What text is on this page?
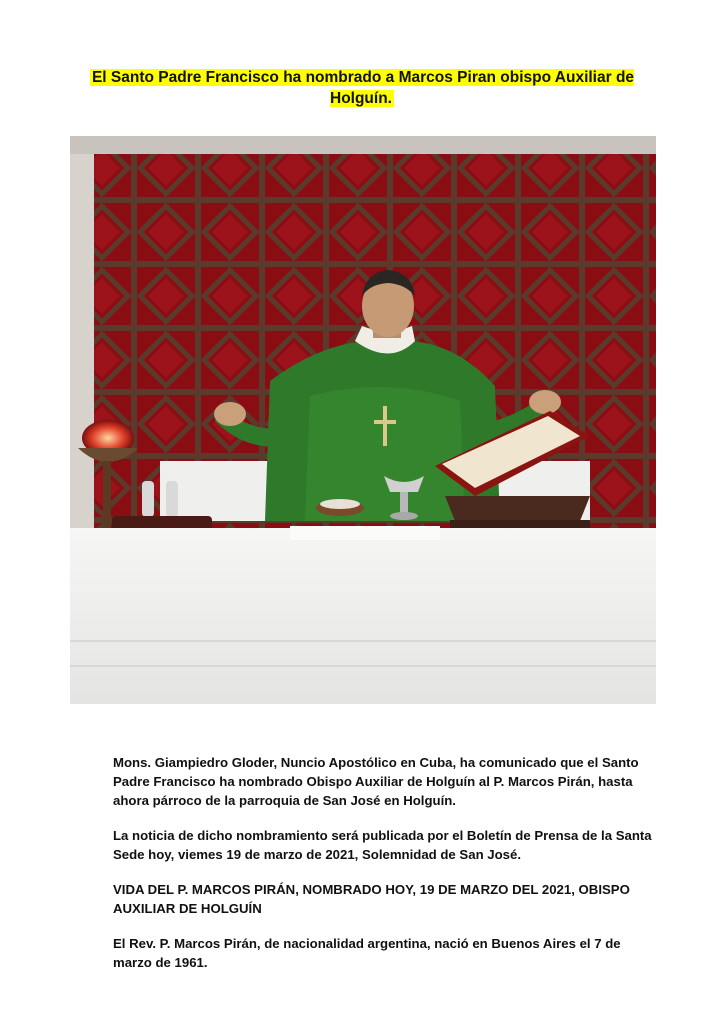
El Santo Padre Francisco ha nombrado a Marcos Piran obispo Auxiliar de Holguín.

Mons. Giampiedro Gloder, Nuncio Apostólico en Cuba, ha comunicado que el Santo Padre Francisco ha nombrado Obispo Auxiliar de Holguín al P. Marcos Pirán, hasta ahora párroco de la parroquia de San José en Holguín.

La noticia de dicho nombramiento será publicada por el Boletín de Prensa de la Santa Sede hoy, viemes 19 de marzo de 2021, Solemnidad de San José.

VIDA DEL P. MARCOS PIRÁN, NOMBRADO HOY, 19 DE MARZO DEL 2021, OBISPO AUXILIAR DE HOLGUÍN

El Rev. P. Marcos Pirán, de nacionalidad argentina, nació en Buenos Aires el 7 de marzo de 1961.
